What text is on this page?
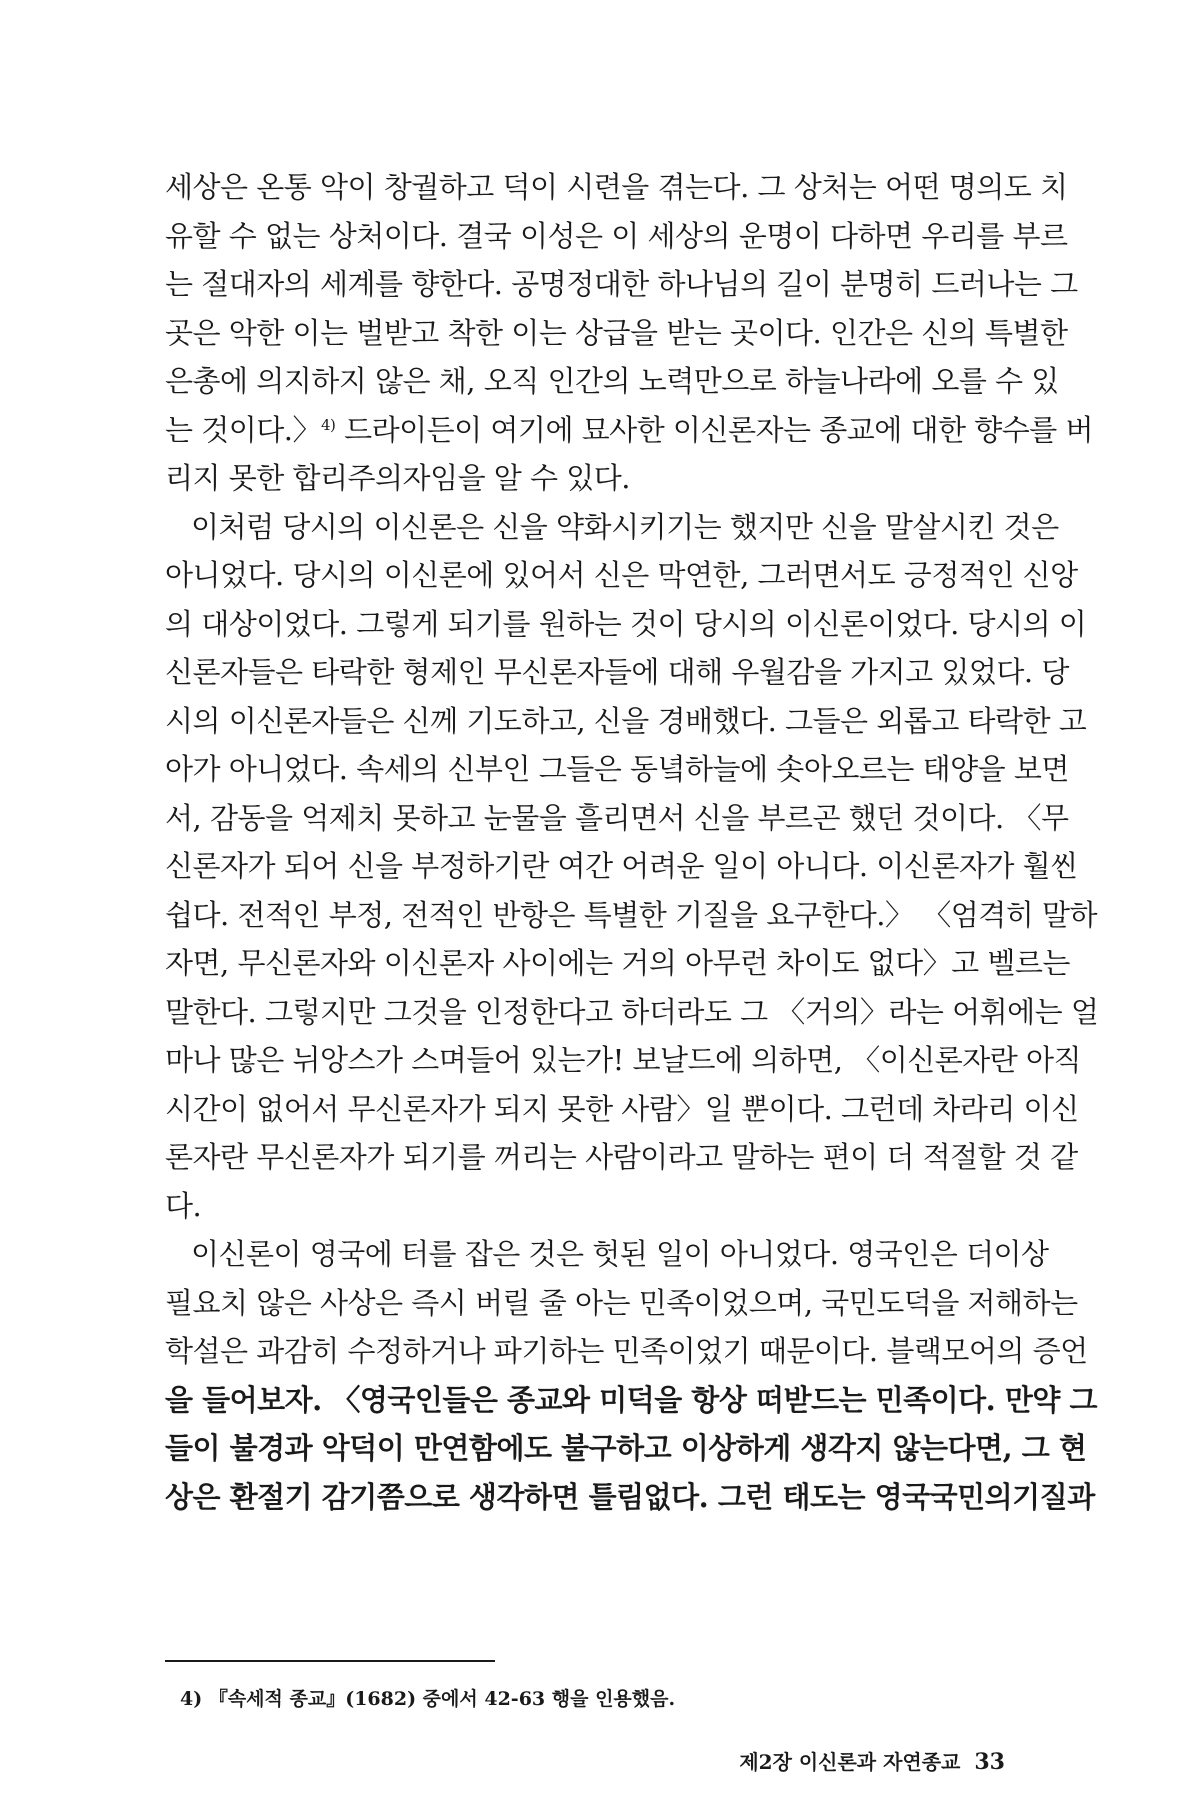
세상은 온통 악이 창궐하고 덕이 시련을 겪는다. 그 상처는 어떤 명의도 치
유할 수 없는 상처이다. 결국 이성은 이 세상의 운명이 다하면 우리를 부르
는 절대자의 세계를 향한다. 공명정대한 하나님의 길이 분명히 드러나는 그
곳은 악한 이는 벌받고 착한 이는 상급을 받는 곳이다. 인간은 신의 특별한
은총에 의지하지 않은 채, 오직 인간의 노력만으로 하늘나라에 오를 수 있
는 것이다.〉$^{4)}$ 드라이든이 여기에 묘사한 이신론자는 종교에 대한 향수를 버
리지 못한 합리주의자임을 알 수 있다.
이처럼 당시의 이신론은 신을 약화시키기는 했지만 신을 말살시킨 것은
아니었다. 당시의 이신론에 있어서 신은 막연한, 그러면서도 긍정적인 신앙
의 대상이었다. 그렇게 되기를 원하는 것이 당시의 이신론이었다. 당시의 이
신론자들은 타락한 형제인 무신론자들에 대해 우월감을 가지고 있었다. 당
시의 이신론자들은 신께 기도하고, 신을 경배했다. 그들은 외롭고 타락한 고
아가 아니었다. 속세의 신부인 그들은 동녘하늘에 솟아오르는 태양을 보면
서, 감동을 억제치 못하고 눈물을 흘리면서 신을 부르곤 했던 것이다. 〈무
신론자가 되어 신을 부정하기란 여간 어려운 일이 아니다. 이신론자가 훨씬
쉽다. 전적인 부정, 전적인 반항은 특별한 기질을 요구한다.〉 〈엄격히 말하
자면, 무신론자와 이신론자 사이에는 거의 아무런 차이도 없다〉고 벨르는
말한다. 그렇지만 그것을 인정한다고 하더라도 그 〈거의〉라는 어휘에는 얼
마나 많은 뉘앙스가 스며들어 있는가! 보날드에 의하면, 〈이신론자란 아직
시간이 없어서 무신론자가 되지 못한 사람〉일 뿐이다. 그런데 차라리 이신
론자란 무신론자가 되기를 꺼리는 사람이라고 말하는 편이 더 적절할 것 같
다.
이신론이 영국에 터를 잡은 것은 헛된 일이 아니었다. 영국인은 더이상
필요치 않은 사상은 즉시 버릴 줄 아는 민족이었으며, 국민도덕을 저해하는
학설은 과감히 수정하거나 파기하는 민족이었기 때문이다. 블랙모어의 증언
을 들어보자. 〈영국인들은 종교와 미덕을 항상 떠받드는 민족이다. 만약 그
들이 불경과 악덕이 만연함에도 불구하고 이상하게 생각지 않는다면, 그 현
상은 환절기 감기쯤으로 생각하면 틀림없다. 그런 태도는 영국국민의기질과
4) 『속세적 종교』(1682) 중에서 42-63 행을 인용했음.
제2장 이신론과 자연종교 33
